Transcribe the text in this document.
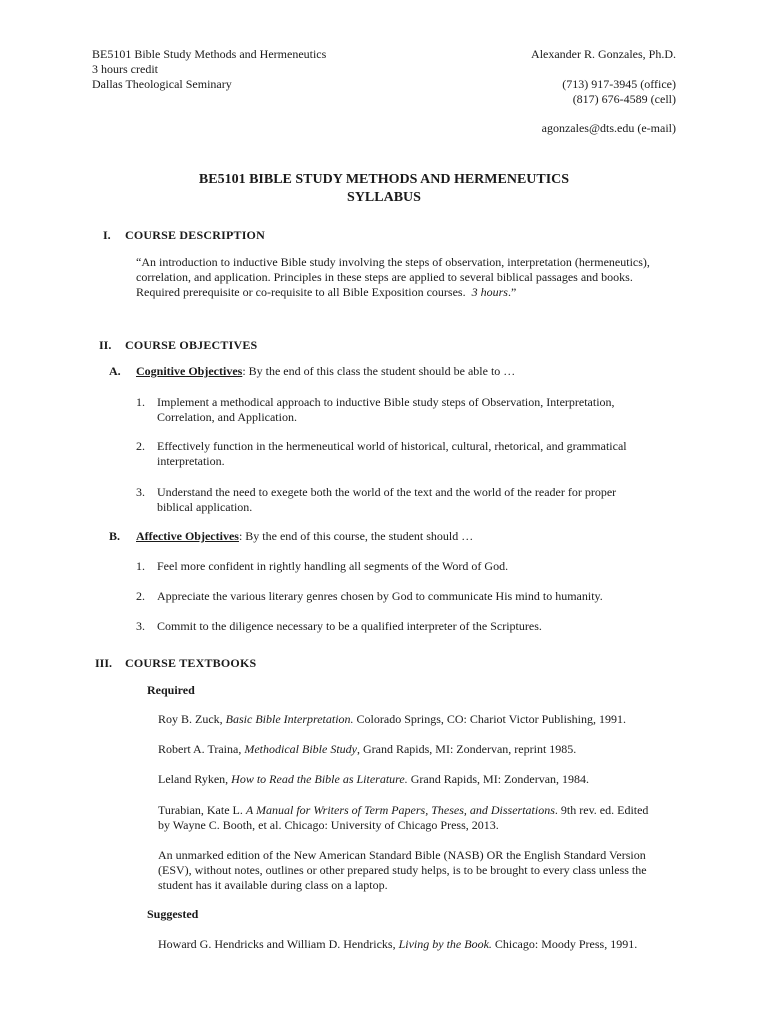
BE5101 Bible Study Methods and Hermeneutics
3 hours credit
Dallas Theological Seminary
Alexander R. Gonzales, Ph.D.
(713) 917-3945 (office)
(817) 676-4589 (cell)
agonzales@dts.edu (e-mail)
BE5101 BIBLE STUDY METHODS AND HERMENEUTICS
SYLLABUS
I. COURSE DESCRIPTION
“An introduction to inductive Bible study involving the steps of observation, interpretation (hermeneutics),
correlation, and application. Principles in these steps are applied to several biblical passages and books.
Required prerequisite or co-requisite to all Bible Exposition courses. 3 hours.”
II. COURSE OBJECTIVES
A. Cognitive Objectives: By the end of this class the student should be able to …
1. Implement a methodical approach to inductive Bible study steps of Observation, Interpretation,
Correlation, and Application.
2. Effectively function in the hermeneutical world of historical, cultural, rhetorical, and grammatical
interpretation.
3. Understand the need to exegete both the world of the text and the world of the reader for proper
biblical application.
B. Affective Objectives: By the end of this course, the student should …
1. Feel more confident in rightly handling all segments of the Word of God.
2. Appreciate the various literary genres chosen by God to communicate His mind to humanity.
3. Commit to the diligence necessary to be a qualified interpreter of the Scriptures.
III. COURSE TEXTBOOKS
Required
Roy B. Zuck, Basic Bible Interpretation. Colorado Springs, CO: Chariot Victor Publishing, 1991.
Robert A. Traina, Methodical Bible Study, Grand Rapids, MI: Zondervan, reprint 1985.
Leland Ryken, How to Read the Bible as Literature. Grand Rapids, MI: Zondervan, 1984.
Turabian, Kate L. A Manual for Writers of Term Papers, Theses, and Dissertations. 9th rev. ed. Edited
by Wayne C. Booth, et al. Chicago: University of Chicago Press, 2013.
An unmarked edition of the New American Standard Bible (NASB) OR the English Standard Version
(ESV), without notes, outlines or other prepared study helps, is to be brought to every class unless the
student has it available during class on a laptop.
Suggested
Howard G. Hendricks and William D. Hendricks, Living by the Book. Chicago: Moody Press, 1991.
